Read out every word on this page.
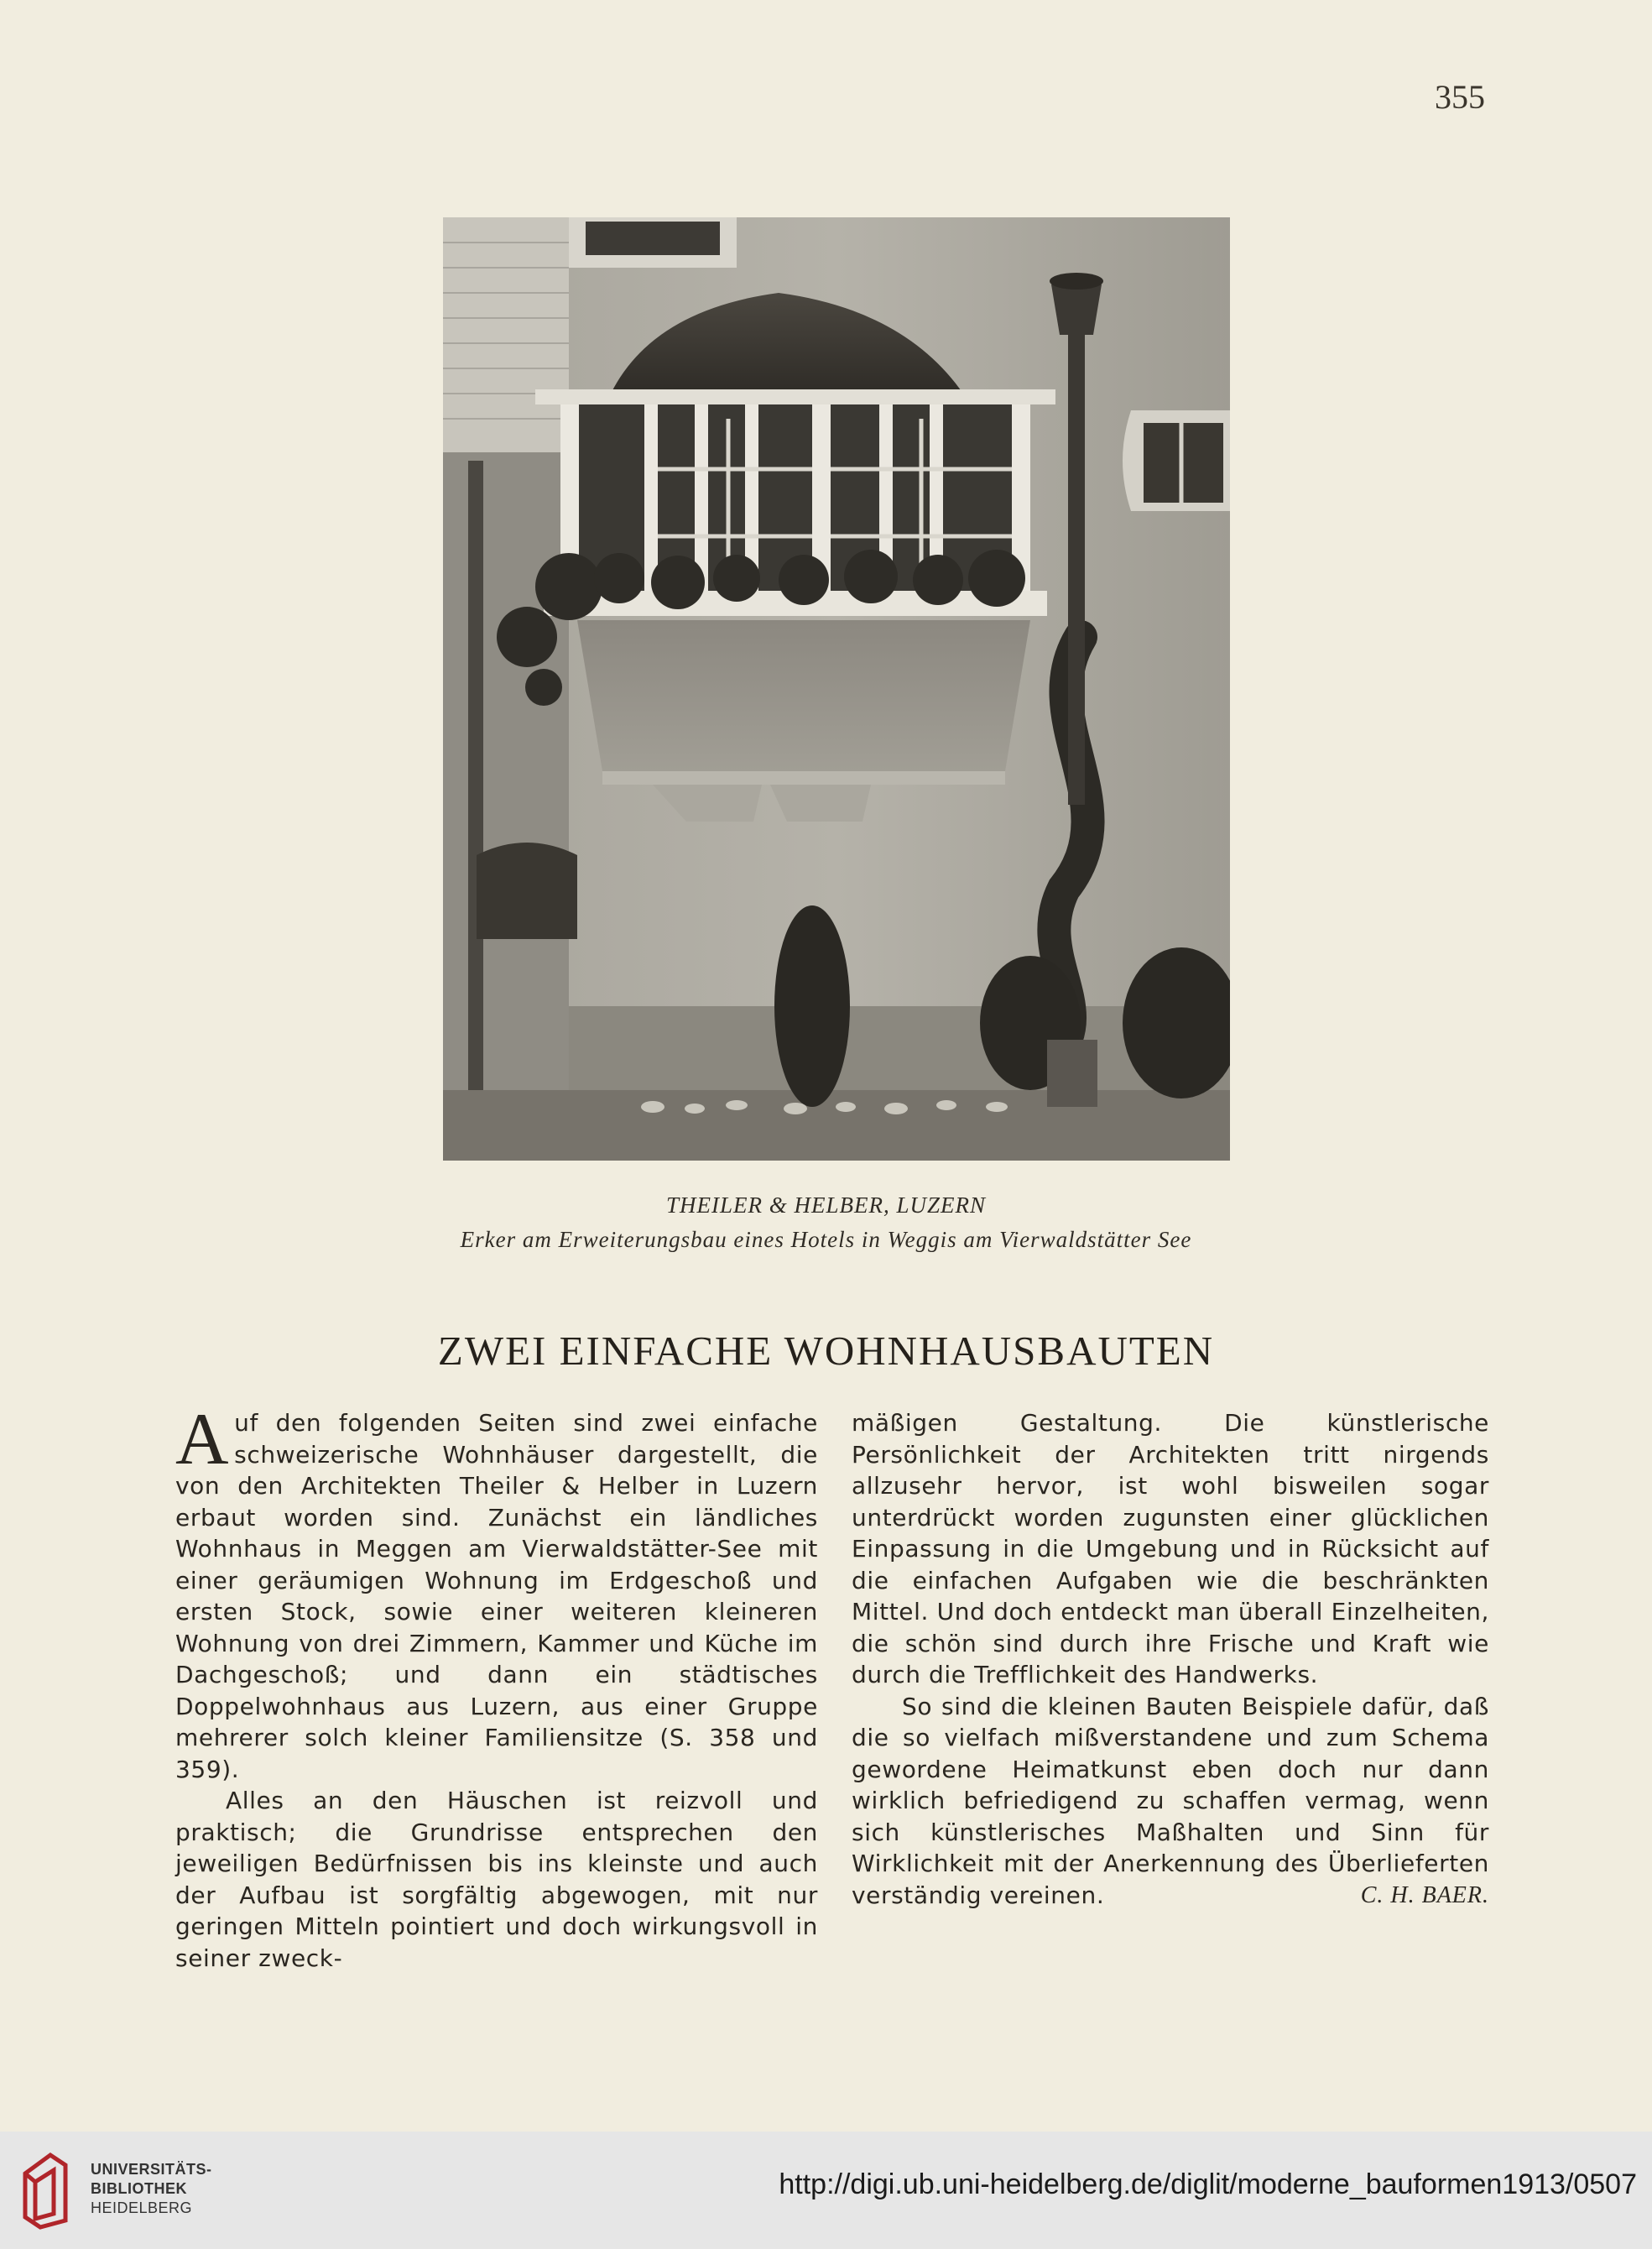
355
THEILER & HELBER, LUZERN
Erker am Erweiterungsbau eines Hotels in Weggis am Vierwaldstätter See
ZWEI EINFACHE WOHNHAUSBAUTEN

Auf den folgenden Seiten sind zwei einfache schweizerische Wohnhäuser dargestellt, die von den Architekten Theiler & Helber in Luzern erbaut worden sind. Zunächst ein ländliches Wohnhaus in Meggen am Vierwaldstätter-See mit einer geräumigen Wohnung im Erdgeschoß und ersten Stock, sowie einer weiteren kleineren Wohnung von drei Zimmern, Kammer und Küche im Dachgeschoß; und dann ein städtisches Doppelwohnhaus aus Luzern, aus einer Gruppe mehrerer solch kleiner Familiensitze (S. 358 und 359).

Alles an den Häuschen ist reizvoll und praktisch; die Grundrisse entsprechen den jeweiligen Bedürfnissen bis ins kleinste und auch der Aufbau ist sorgfältig abgewogen, mit nur geringen Mitteln pointiert und doch wirkungsvoll in seiner zweck-

mäßigen Gestaltung. Die künstlerische Persönlichkeit der Architekten tritt nirgends allzusehr hervor, ist wohl bisweilen sogar unterdrückt worden zugunsten einer glücklichen Einpassung in die Umgebung und in Rücksicht auf die einfachen Aufgaben wie die beschränkten Mittel. Und doch entdeckt man überall Einzelheiten, die schön sind durch ihre Frische und Kraft wie durch die Trefflichkeit des Handwerks.

So sind die kleinen Bauten Beispiele dafür, daß die so vielfach mißverstandene und zum Schema gewordene Heimatkunst eben doch nur dann wirklich befriedigend zu schaffen vermag, wenn sich künstlerisches Maßhalten und Sinn für Wirklichkeit mit der Anerkennung des Überlieferten verständig vereinen.	C. H. BAER.

UNIVERSITÄTS-
BIBLIOTHEK
HEIDELBERG
http://digi.ub.uni-heidelberg.de/diglit/moderne_bauformen1913/0507
